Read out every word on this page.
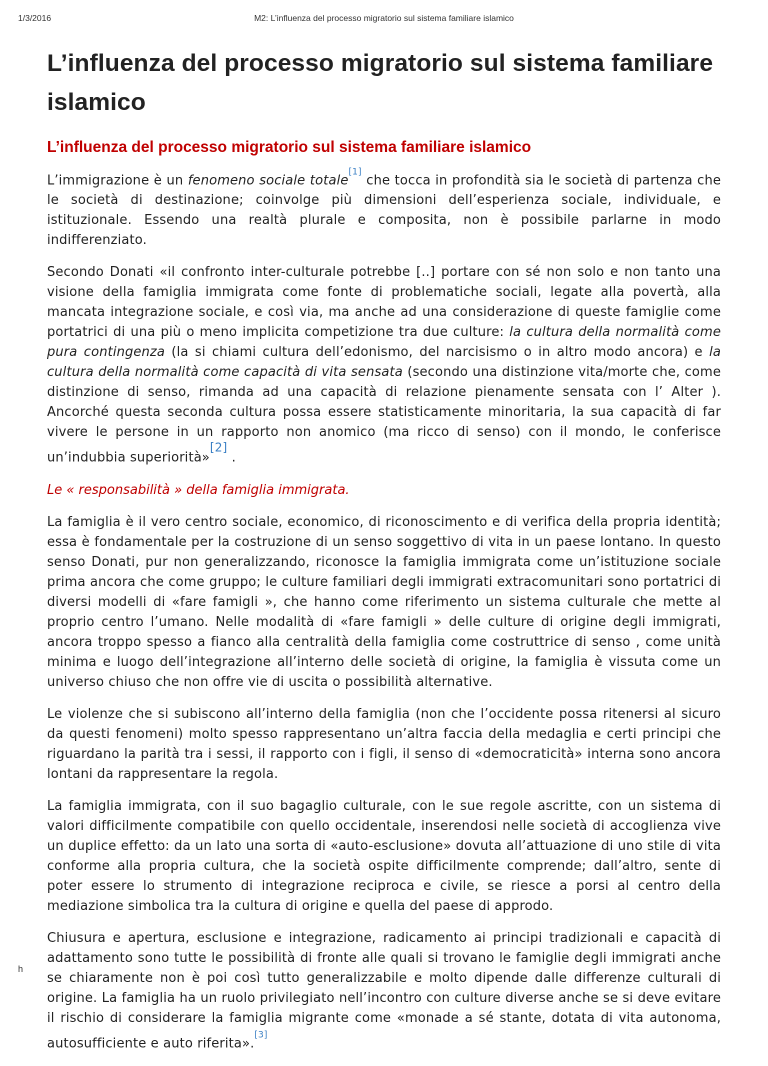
1/3/2016	M2: L’influenza del processo migratorio sul sistema familiare islamico
L’influenza del processo migratorio sul sistema familiare islamico
L’influenza del processo migratorio sul sistema familiare islamico

L’immigrazione è un fenomeno sociale totale[1] che tocca in profondità sia le società di partenza che le società di destinazione; coinvolge più dimensioni dell’esperienza sociale, individuale, e istituzionale. Essendo una realtà plurale e composita, non è possibile parlarne in modo indifferenziato.

Secondo Donati «il confronto inter-culturale potrebbe [..] portare con sé non solo e non tanto una visione della famiglia immigrata come fonte di problematiche sociali, legate alla povertà, alla mancata integrazione sociale, e così via, ma anche ad una considerazione di queste famiglie come portatrici di una più o meno implicita competizione tra due culture: la cultura della normalità come pura contingenza (la si chiami cultura dell’edonismo, del narcisismo o in altro modo ancora) e la cultura della normalità come capacità di vita sensata (secondo una distinzione vita/morte che, come distinzione di senso, rimanda ad una capacità di relazione pienamente sensata con l’ Alter ). Ancorché questa seconda cultura possa essere statisticamente minoritaria, la sua capacità di far vivere le persone in un rapporto non anomico (ma ricco di senso) con il mondo, le conferisce un’indubbia superiorità»[2] .

Le « responsabilità » della famiglia immigrata.

La famiglia è il vero centro sociale, economico, di riconoscimento e di verifica della propria identità; essa è fondamentale per la costruzione di un senso soggettivo di vita in un paese lontano. In questo senso Donati, pur non generalizzando, riconosce la famiglia immigrata come un’istituzione sociale prima ancora che come gruppo; le culture familiari degli immigrati extracomunitari sono portatrici di diversi modelli di «fare famigli », che hanno come riferimento un sistema culturale che mette al proprio centro l’umano. Nelle modalità di «fare famigli » delle culture di origine degli immigrati, ancora troppo spesso a fianco alla centralità della famiglia come costruttrice di senso , come unità minima e luogo dell’integrazione all’interno delle società di origine, la famiglia è vissuta come un universo chiuso che non offre vie di uscita o possibilità alternative.

Le violenze che si subiscono all’interno della famiglia (non che l’occidente possa ritenersi al sicuro da questi fenomeni) molto spesso rappresentano un’altra faccia della medaglia e certi principi che riguardano la parità tra i sessi, il rapporto con i figli, il senso di «democraticità» interna sono ancora lontani da rappresentare la regola.

La famiglia immigrata, con il suo bagaglio culturale, con le sue regole ascritte, con un sistema di valori difficilmente compatibile con quello occidentale, inserendosi nelle società di accoglienza vive un duplice effetto: da un lato una sorta di «auto-esclusione» dovuta all’attuazione di uno stile di vita conforme alla propria cultura, che la società ospite difficilmente comprende; dall’altro, sente di poter essere lo strumento di integrazione reciproca e civile, se riesce a porsi al centro della mediazione simbolica tra la cultura di origine e quella del paese di approdo.

Chiusura e apertura, esclusione e integrazione, radicamento ai principi tradizionali e capacità di adattamento sono tutte le possibilità di fronte alle quali si trovano le famiglie degli immigrati anche se chiaramente non è poi così tutto generalizzabile e molto dipende dalle differenze culturali di origine. La famiglia ha un ruolo privilegiato nell’incontro con culture diverse anche se si deve evitare il rischio di considerare la famiglia migrante come «monade a sé stante, dotata di vita autonoma, autosufficiente e auto riferita».[3]

h
